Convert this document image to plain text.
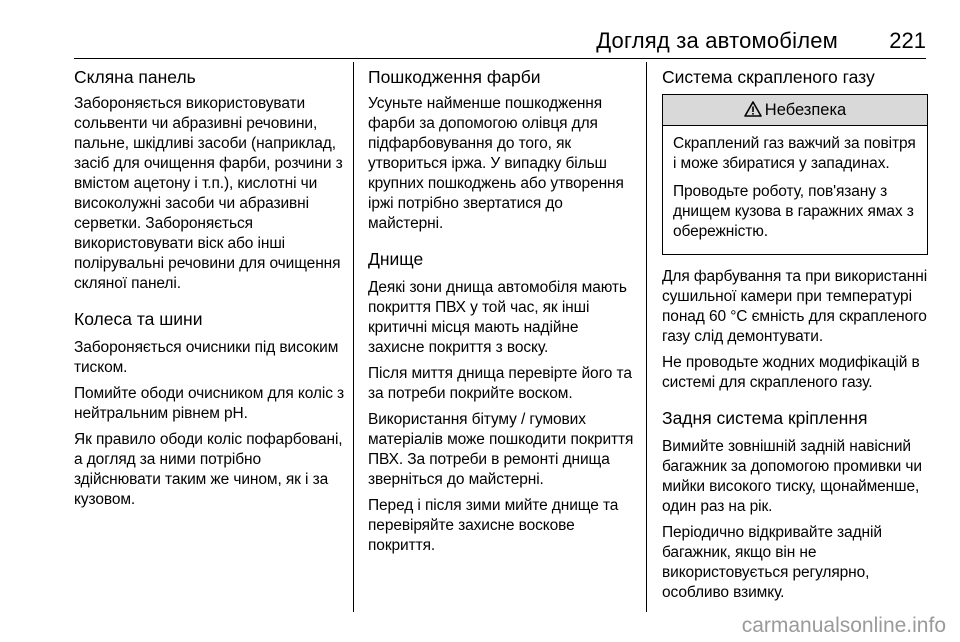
Догляд за автомобілем 221
Скляна панель

Забороняється використовувати сольвенти чи абразивні речовини, пальне, шкідливі засоби (наприклад, засіб для очищення фарби, розчини з вмістом ацетону і т.п.), кислотні чи високолужні засоби чи абразивні серветки. Забороняється використовувати віск або інші полірувальні речовини для очищення скляної панелі.

Колеса та шини

Забороняється очисники під високим тиском.

Помийте ободи очисником для коліс з нейтральним рівнем pH.

Як правило ободи коліс пофарбовані, а догляд за ними потрібно здійснювати таким же чином, як і за кузовом.

Пошкодження фарби

Усуньте найменше пошкодження фарби за допомогою олівця для підфарбовування до того, як утвориться іржа. У випадку більш крупних пошкоджень або утворення іржі потрібно звертатися до майстерні.

Днище

Деякі зони днища автомобіля мають покриття ПВХ у той час, як інші критичні місця мають надійне захисне покриття з воску.

Після миття днища перевірте його та за потреби покрийте воском.

Використання бітуму / гумових матеріалів може пошкодити покриття ПВХ. За потреби в ремонті днища зверніться до майстерні.

Перед і після зими мийте днище та перевіряйте захисне воскове покриття.

Система скрапленого газу
Небезпека

Скраплений газ важчий за повітря і може збиратися у западинах.

Проводьте роботу, пов'язану з днищем кузова в гаражних ямах з обережністю.

Для фарбування та при використанні сушильної камери при температурі понад 60 °C ємність для скрапленого газу слід демонтувати.

Не проводьте жодних модифікацій в системі для скрапленого газу.

Задня система кріплення

Вимийте зовнішній задній навісний багажник за допомогою промивки чи мийки високого тиску, щонайменше, один раз на рік.

Періодично відкривайте задній багажник, якщо він не використовується регулярно, особливо взимку.

carmanualsonline.info
